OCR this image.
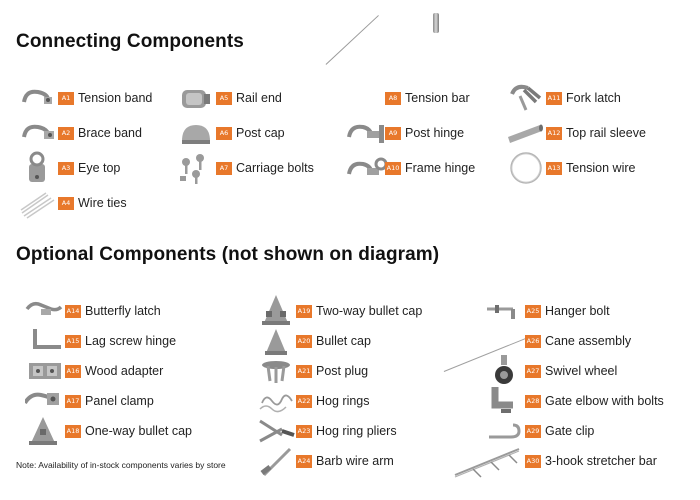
Connecting Components
A1 Tension band
A2 Brace band
A3 Eye top
A4 Wire ties
A5 Rail end
A6 Post cap
A7 Carriage bolts
A8 Tension bar
A9 Post hinge
A10 Frame hinge
A11 Fork latch
A12 Top rail sleeve
A13 Tension wire
Optional Components (not shown on diagram)
A14 Butterfly latch
A15 Lag screw hinge
A16 Wood adapter
A17 Panel clamp
A18 One-way bullet cap
A19 Two-way bullet cap
A20 Bullet cap
A21 Post plug
A22 Hog rings
A23 Hog ring pliers
A24 Barb wire arm
A25 Hanger bolt
A26 Cane assembly
A27 Swivel wheel
A28 Gate elbow with bolts
A29 Gate clip
A30 3-hook stretcher bar

Note: Availability of in-stock components varies by store
